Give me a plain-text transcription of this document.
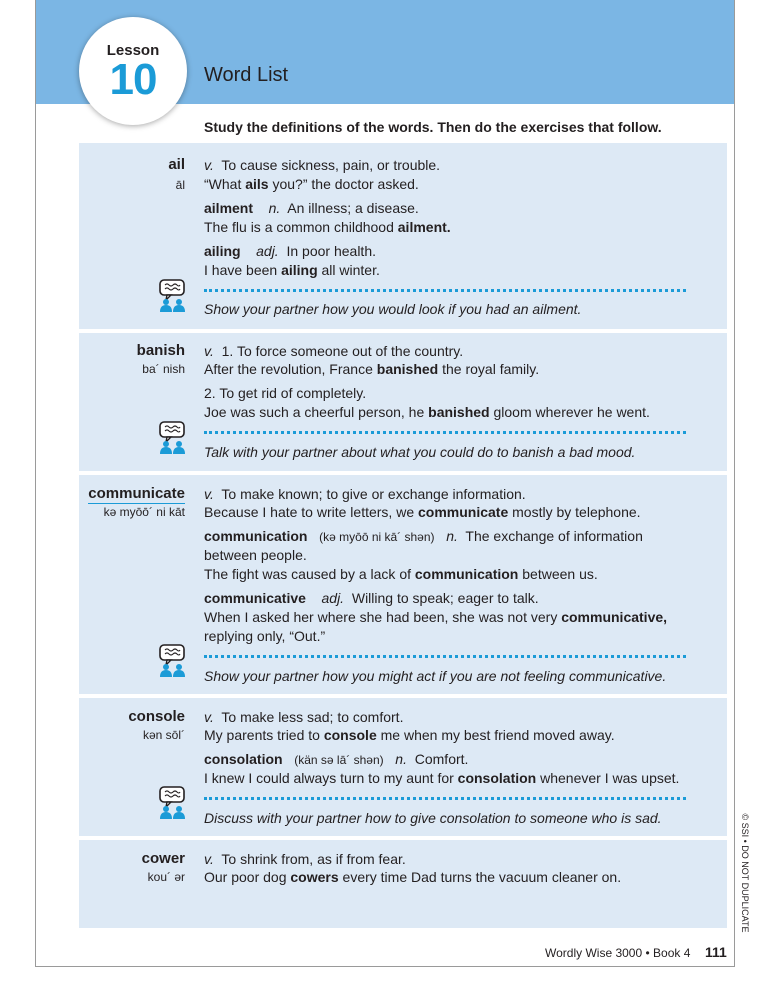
Lesson
10	Word List
Study the definitions of the words. Then do the exercises that follow.
ail
āl
v. To cause sickness, pain, or trouble.
“What ails you?” the doctor asked.
ailment n. An illness; a disease.
The flu is a common childhood ailment.
ailing adj. In poor health.
I have been ailing all winter.
Show your partner how you would look if you had an ailment.
banish
ba´ nish
v. 1. To force someone out of the country.
After the revolution, France banished the royal family.
2. To get rid of completely.
Joe was such a cheerful person, he banished gloom wherever he went.
Talk with your partner about what you could do to banish a bad mood.
communicate
kə myōō´ ni kāt
v. To make known; to give or exchange information.
Because I hate to write letters, we communicate mostly by telephone.
communication (kə myōō ni kā´ shən) n. The exchange of information
between people.
The fight was caused by a lack of communication between us.
communicative adj. Willing to speak; eager to talk.
When I asked her where she had been, she was not very communicative,
replying only, “Out.”
Show your partner how you might act if you are not feeling communicative.
console
kən sōl´
v. To make less sad; to comfort.
My parents tried to console me when my best friend moved away.
consolation (kän sə lā´ shən) n. Comfort.
I knew I could always turn to my aunt for consolation whenever I was upset.
Discuss with your partner how to give consolation to someone who is sad.
cower
kou´ ər
v. To shrink from, as if from fear.
Our poor dog cowers every time Dad turns the vacuum cleaner on.	© SSI • DO NOT DUPLICATE
Wordly Wise 3000 • Book 4 111
